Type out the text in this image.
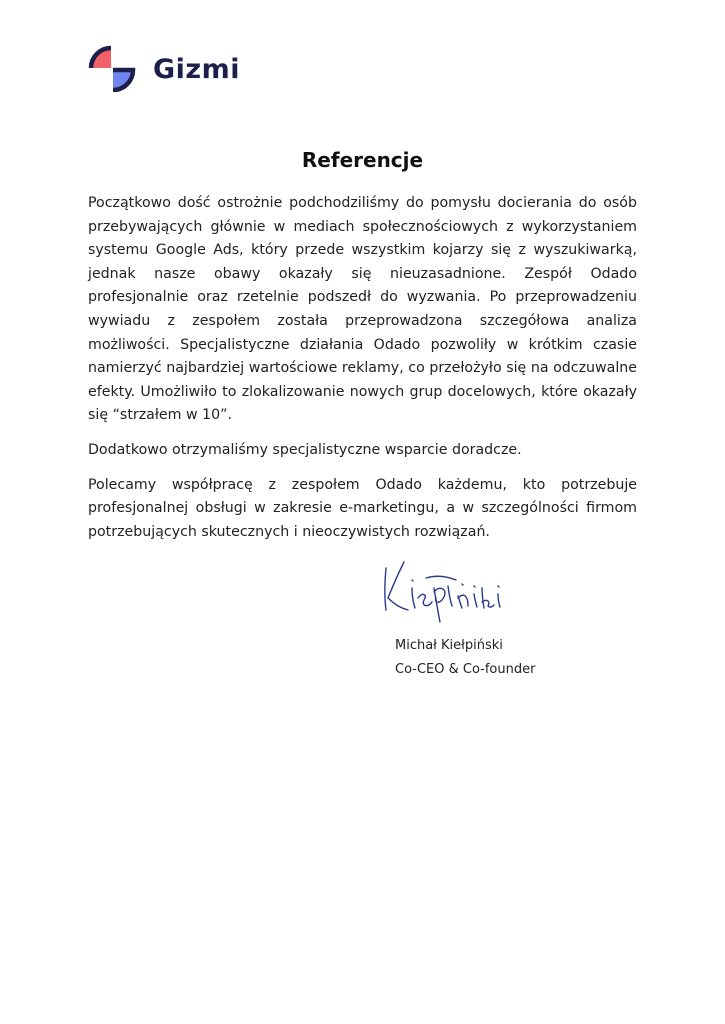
Gizmi
Referencje

Początkowo dość ostrożnie podchodziliśmy do pomysłu docierania do osób przebywających głównie w mediach społecznościowych z wykorzystaniem systemu Google Ads, który przede wszystkim kojarzy się z wyszukiwarką, jednak nasze obawy okazały się nieuzasadnione. Zespół Odado profesjonalnie oraz rzetelnie podszedł do wyzwania. Po przeprowadzeniu wywiadu z zespołem została przeprowadzona szczegółowa analiza możliwości. Specjalistyczne działania Odado pozwoliły w krótkim czasie namierzyć najbardziej wartościowe reklamy, co przełożyło się na odczuwalne efekty. Umożliwiło to zlokalizowanie nowych grup docelowych, które okazały się “strzałem w 10”.

Dodatkowo otrzymaliśmy specjalistyczne wsparcie doradcze.

Polecamy współpracę z zespołem Odado każdemu, kto potrzebuje profesjonalnej obsługi w zakresie e-marketingu, a w szczególności firmom potrzebujących skutecznych i nieoczywistych rozwiązań.

Michał Kiełpiński
Co-CEO & Co-founder
